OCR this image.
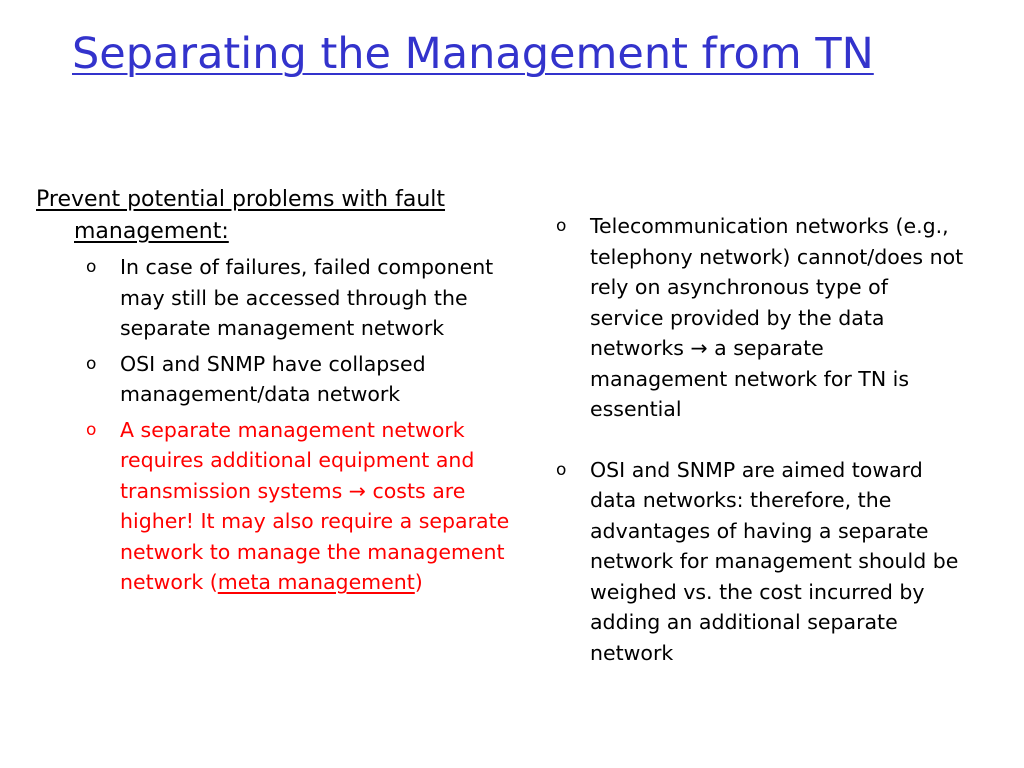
Separating the Management from TN
Prevent potential problems with fault management:
o In case of failures, failed component may still be accessed through the separate management network
o OSI and SNMP have collapsed management/data network
o A separate management network requires additional equipment and transmission systems → costs are higher! It may also require a separate network to manage the management network (meta management)
o Telecommunication networks (e.g., telephony network) cannot/does not rely on asynchronous type of service provided by the data networks → a separate management network for TN is essential
o OSI and SNMP are aimed toward data networks: therefore, the advantages of having a separate network for management should be weighed vs. the cost incurred by adding an additional separate network
